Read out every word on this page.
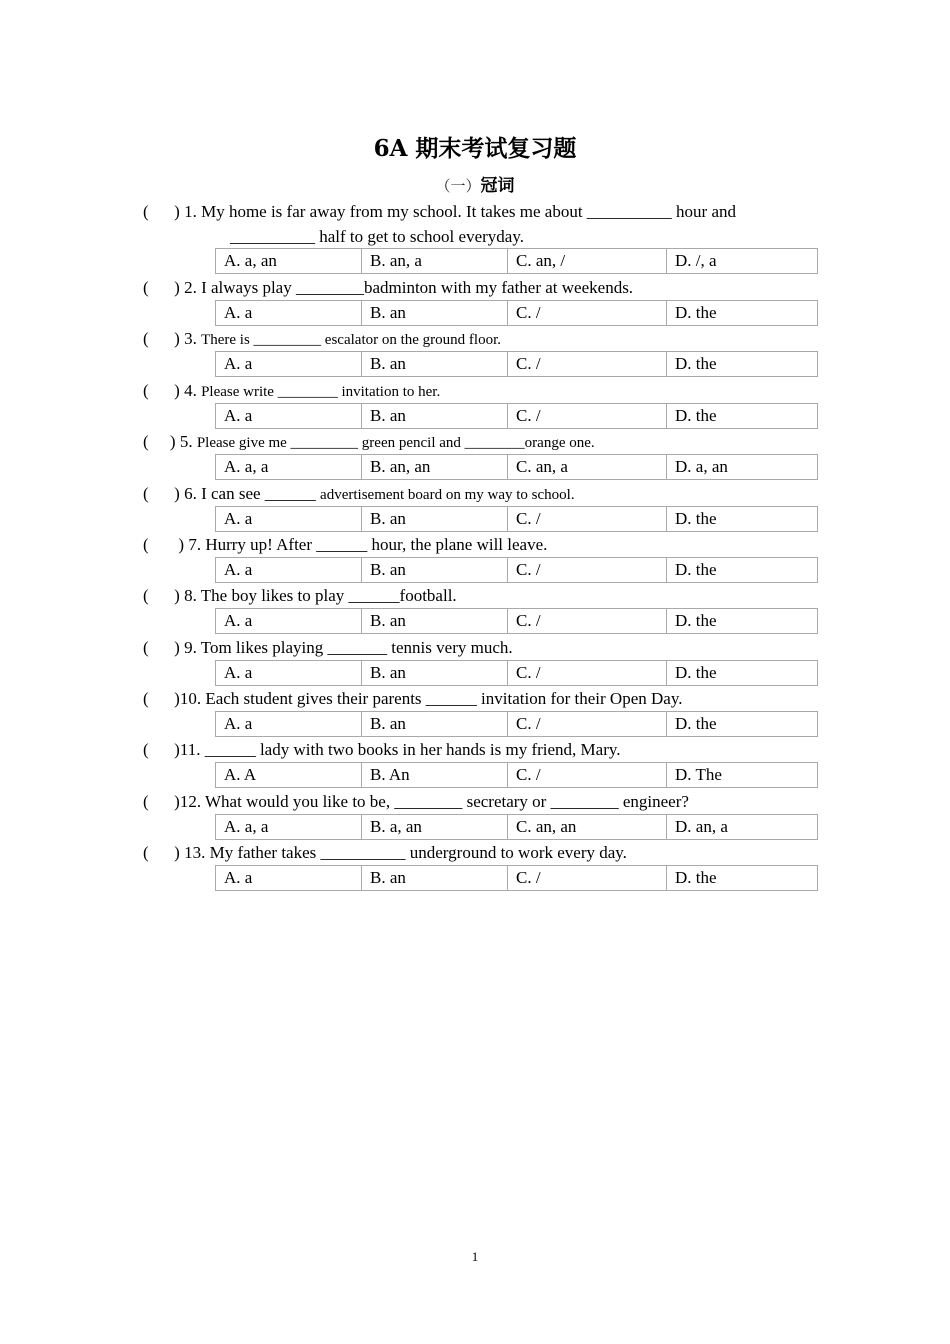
6A 期末考试复习题
（一）冠词
(      ) 1. My home is far away from my school. It takes me about __________ hour and
__________ half to get to school everyday.
A. a, an	B. an, a	C. an, /	D. /, a
(      ) 2. I always play ________badminton with my father at weekends.
A. a	B. an	C. /	D. the
(      ) 3. There is _________ escalator on the ground floor.
A. a	B. an	C. /	D. the
(      ) 4. Please write ________ invitation to her.
A. a	B. an	C. /	D. the
(     ) 5. Please give me _________ green pencil and ________orange one.
A. a, a	B. an, an	C. an, a	D. a, an
(      ) 6. I can see ______ advertisement board on my way to school.
A. a	B. an	C. /	D. the
(       ) 7. Hurry up! After ______ hour, the plane will leave.
A. a	B. an	C. /	D. the
(      ) 8. The boy likes to play ______football.
A. a	B. an	C. /	D. the
(      ) 9. Tom likes playing _______ tennis very much.
A. a	B. an	C. /	D. the
(      )10. Each student gives their parents ______ invitation for their Open Day.
A. a	B. an	C. /	D. the
(      )11. ______ lady with two books in her hands is my friend, Mary.
A. A	B. An	C. /	D. The
(      )12. What would you like to be, ________ secretary or ________ engineer?
A. a, a	B. a, an	C. an, an	D. an, a
(      ) 13. My father takes __________ underground to work every day.
A. a	B. an	C. /	D. the
1
